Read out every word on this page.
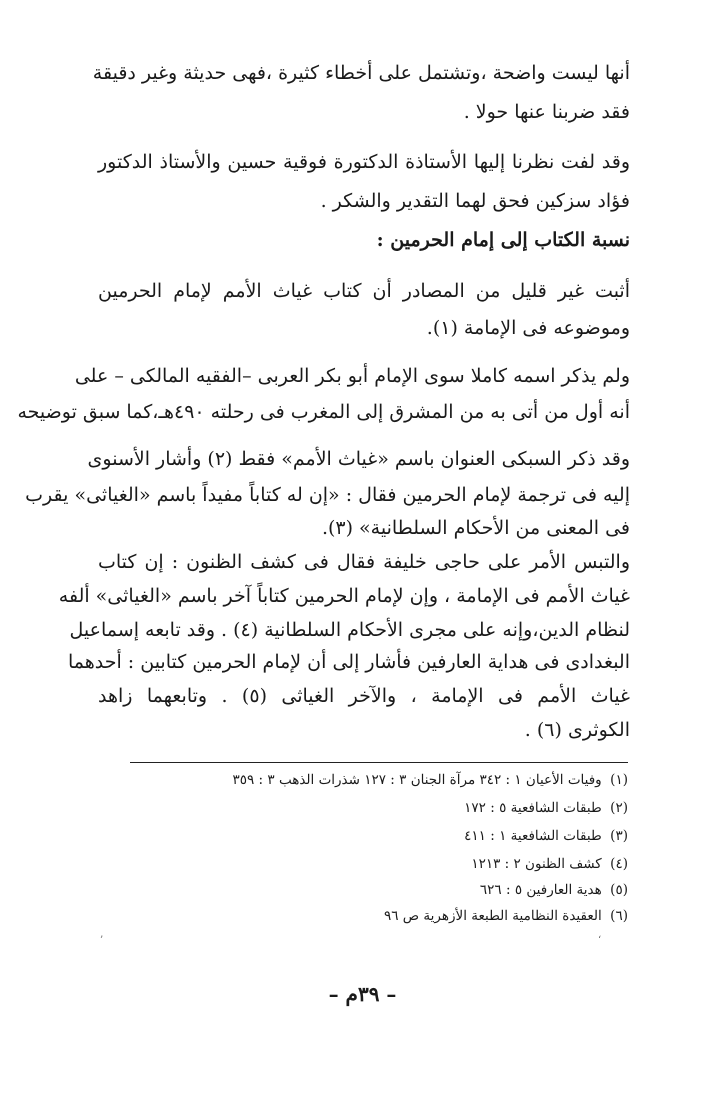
أنها ليست واضحة ،وتشتمل على أخطاء كثيرة ،فهى حديثة وغير دقيقة
فقد ضربنا عنها حولا .
وقد لفت نظرنا إليها الأستاذة الدكتورة فوقية حسين والأستاذ الدكتور
فؤاد سزكين فحق لهما التقدير والشكر .
نسبة الكتاب إلى إمام الحرمين :
أثبت غير قليل من المصادر أن كتاب غياث الأمم لإمام الحرمين
وموضوعه فى الإمامة (١).
ولم يذكر اسمه كاملا سوى الإمام أبو بكر العربى –الفقيه المالكى – على
أنه أول من أتى به من المشرق إلى المغرب فى رحلته ٤٩٠هـ،كما سبق توضيحه
وقد ذكر السبكى العنوان باسم «غياث الأمم» فقط (٢) وأشار الأسنوى
إليه فى ترجمة لإمام الحرمين فقال : «إن له كتاباً مفيداً باسم «الغياثى» يقرب
فى المعنى من الأحكام السلطانية» (٣).
والتبس الأمر على حاجى خليفة فقال فى كشف الظنون : إن كتاب
غياث الأمم فى الإمامة ، وإن لإمام الحرمين كتاباً آخر باسم «الغياثى» ألفه
لنظام الدين،وإنه على مجرى الأحكام السلطانية (٤) . وقد تابعه إسماعيل
البغدادى فى هداية العارفين فأشار إلى أن لإمام الحرمين كتابين : أحدهما
غياث الأمم فى الإمامة ، والآخر الغياثى (٥) . وتابعهما زاهد
الكوثرى (٦) .
(١) وفيات الأعيان ١ : ٣٤٢ مرآة الجنان ٣ : ١٢٧ شذرات الذهب ٣ : ٣٥٩
(٢) طبقات الشافعية ٥ : ١٧٢
(٣) طبقات الشافعية ١ : ٤١١
(٤) كشف الظنون ٢ : ١٢١٣
(٥) هدية العارفين ٥ : ٦٢٦
(٦) العقيدة النظامية الطبعة الأزهرية ص ٩٦
’	‘
– ٣٩م –
